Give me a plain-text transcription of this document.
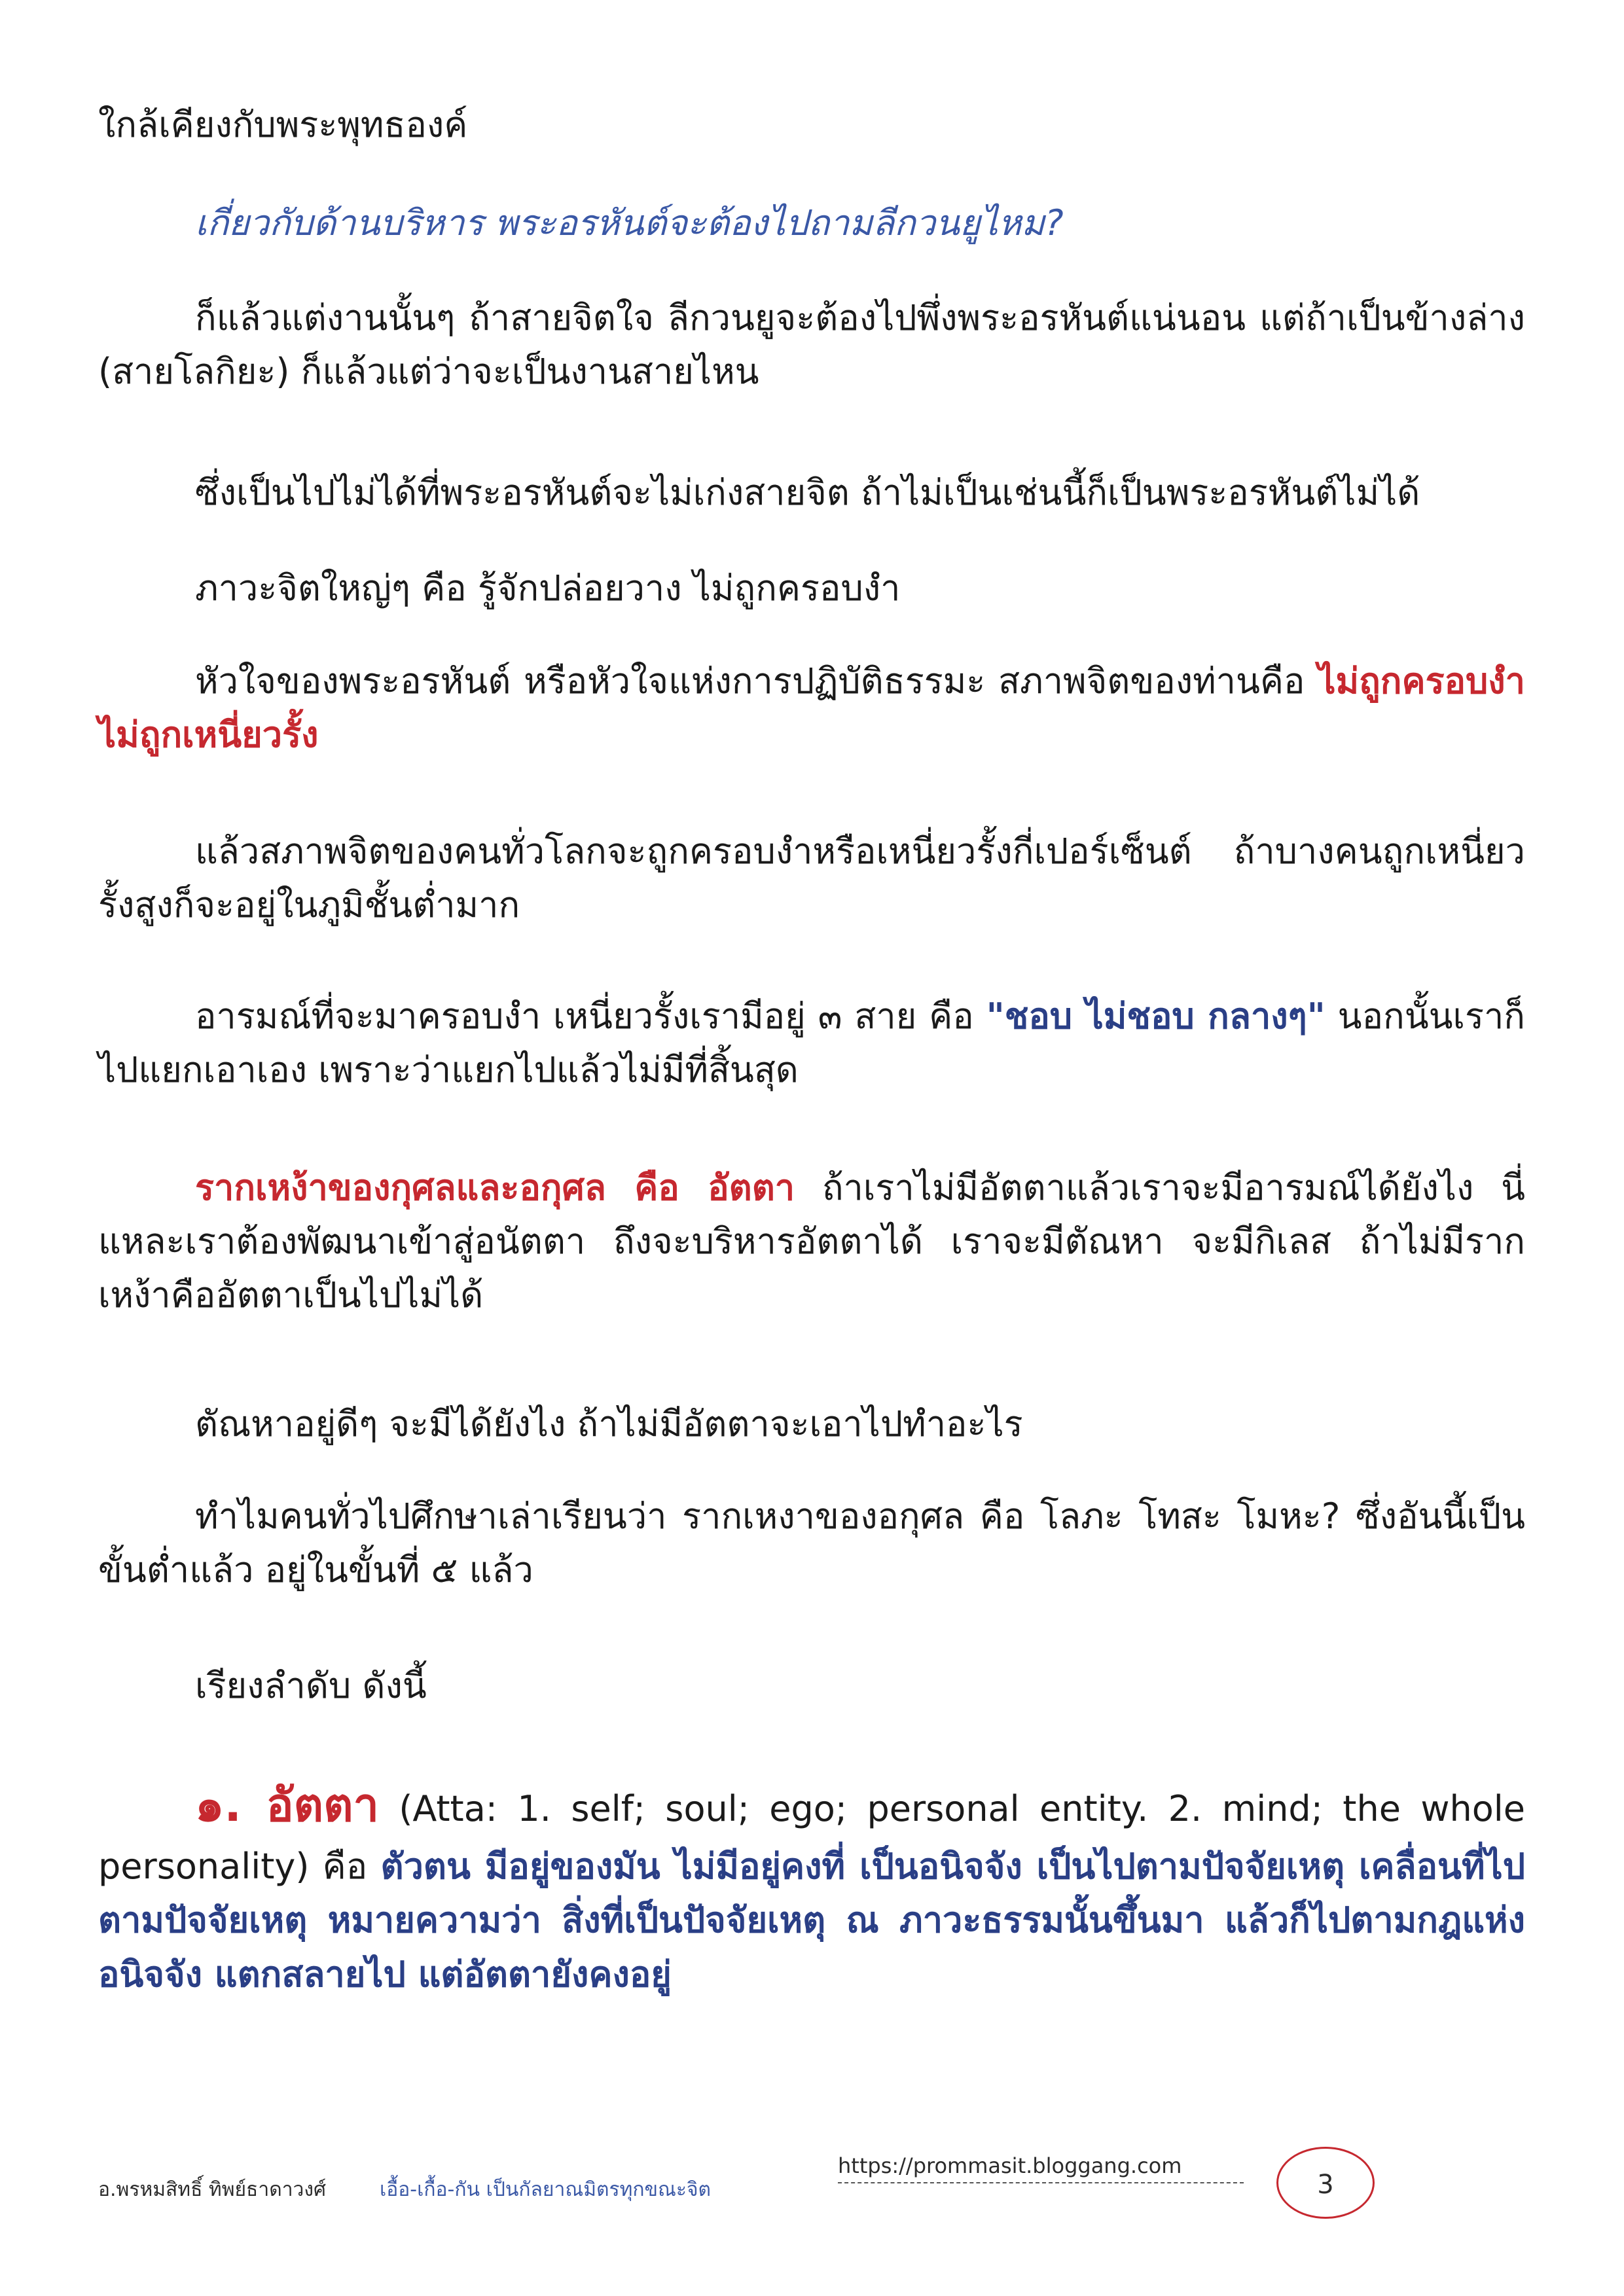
ใกล้เคียงกับพระพุทธองค์

เกี่ยวกับด้านบริหาร พระอรหันต์จะต้องไปถามลีกวนยูไหม?

ก็แล้วแต่งานนั้นๆ ถ้าสายจิตใจ ลีกวนยูจะต้องไปพึ่งพระอรหันต์แน่นอน แต่ถ้าเป็นข้างล่าง (สายโลกิยะ) ก็แล้วแต่ว่าจะเป็นงานสายไหน

ซึ่งเป็นไปไม่ได้ที่พระอรหันต์จะไม่เก่งสายจิต ถ้าไม่เป็นเช่นนี้ก็เป็นพระอรหันต์ไม่ได้

ภาวะจิตใหญ่ๆ คือ รู้จักปล่อยวาง ไม่ถูกครอบงำ

หัวใจของพระอรหันต์ หรือหัวใจแห่งการปฏิบัติธรรมะ สภาพจิตของท่านคือ ไม่ถูกครอบงำ ไม่ถูกเหนี่ยวรั้ง

แล้วสภาพจิตของคนทั่วโลกจะถูกครอบงำหรือเหนี่ยวรั้งกี่เปอร์เซ็นต์ ถ้าบางคนถูกเหนี่ยวรั้งสูงก็จะอยู่ในภูมิชั้นต่ำมาก

อารมณ์ที่จะมาครอบงำ เหนี่ยวรั้งเรามีอยู่ ๓ สาย คือ "ชอบ ไม่ชอบ กลางๆ" นอกนั้นเราก็ไปแยกเอาเอง เพราะว่าแยกไปแล้วไม่มีที่สิ้นสุด

รากเหง้าของกุศลและอกุศล คือ อัตตา ถ้าเราไม่มีอัตตาแล้วเราจะมีอารมณ์ได้ยังไง นี่แหละเราต้องพัฒนาเข้าสู่อนัตตา ถึงจะบริหารอัตตาได้ เราจะมีตัณหา จะมีกิเลส ถ้าไม่มีรากเหง้าคืออัตตาเป็นไปไม่ได้

ตัณหาอยู่ดีๆ จะมีได้ยังไง ถ้าไม่มีอัตตาจะเอาไปทำอะไร

ทำไมคนทั่วไปศึกษาเล่าเรียนว่า รากเหงาของอกุศล คือ โลภะ โทสะ โมหะ? ซึ่งอันนี้เป็นขั้นต่ำแล้ว อยู่ในขั้นที่ ๕ แล้ว

เรียงลำดับ ดังนี้

๑. อัตตา (Atta: 1. self; soul; ego; personal entity. 2. mind; the whole personality) คือ ตัวตน มีอยู่ของมัน ไม่มีอยู่คงที่ เป็นอนิจจัง เป็นไปตามปัจจัยเหตุ เคลื่อนที่ไปตามปัจจัยเหตุ หมายความว่า สิ่งที่เป็นปัจจัยเหตุ ณ ภาวะธรรมนั้นขึ้นมา แล้วก็ไปตามกฎแห่งอนิจจัง แตกสลายไป แต่อัตตายังคงอยู่

อ.พรหมสิทธิ์ ทิพย์ธาดาวงศ์	เอื้อ-เกื้อ-กัน เป็นกัลยาณมิตรทุกขณะจิต
https://prommasit.bloggang.com
3
